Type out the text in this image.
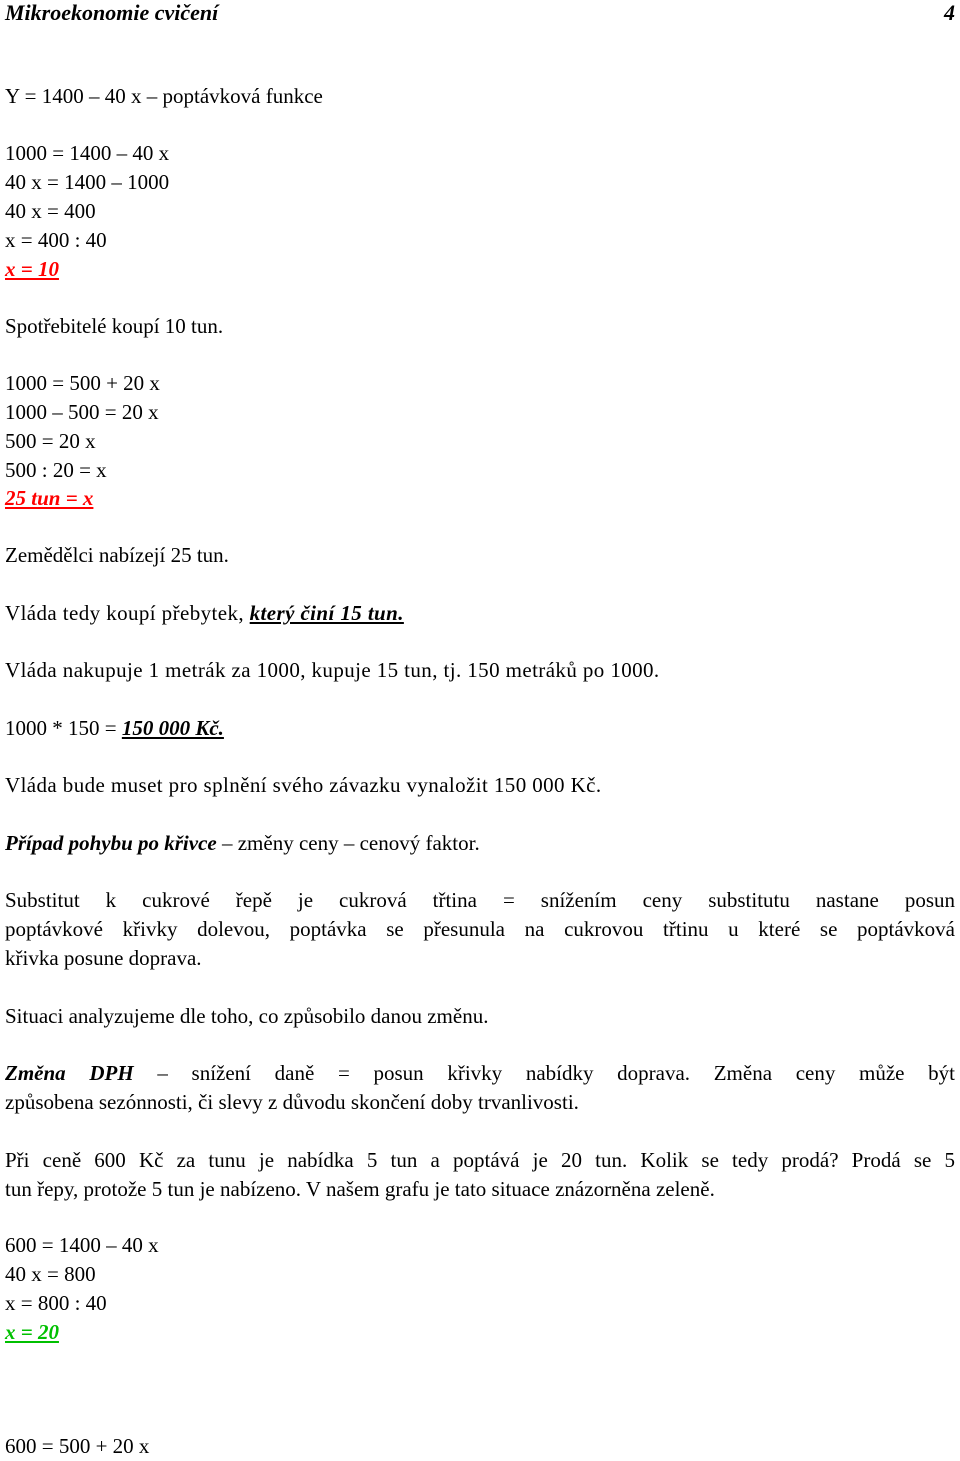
Mikroekonomie cvičení	4
Y = 1400 – 40 x – poptávková funkce
1000 = 1400 – 40 x
40 x = 1400 – 1000
40 x = 400
x = 400 : 40
x = 10
Spotřebitelé koupí 10 tun.
1000 = 500 + 20 x
1000 – 500 = 20 x
500 = 20 x
500 : 20 = x
25 tun = x
Zemědělci nabízejí 25 tun.
Vláda tedy koupí přebytek, který činí 15 tun.
Vláda nakupuje 1 metrák za 1000, kupuje 15 tun, tj. 150 metráků po 1000.
1000 * 150 = 150 000 Kč.
Vláda bude muset pro splnění svého závazku vynaložit 150 000 Kč.
Případ pohybu po křivce – změny ceny – cenový faktor.
Substitut k cukrové řepě je cukrová třtina = snížením ceny substitutu nastane posun
poptávkové křivky dolevou, poptávka se přesunula na cukrovou třtinu u které se poptávková
křivka posune doprava.
Situaci analyzujeme dle toho, co způsobilo danou změnu.
Změna DPH – snížení daně = posun křivky nabídky doprava. Změna ceny může být
způsobena sezónnosti, či slevy z důvodu skončení doby trvanlivosti.
Při ceně 600 Kč za tunu je nabídka 5 tun a poptává je 20 tun. Kolik se tedy prodá? Prodá se 5
tun řepy, protože 5 tun je nabízeno. V našem grafu je tato situace znázorněna zeleně.
600 = 1400 – 40 x
40 x = 800
x = 800 : 40
x = 20
600 = 500 + 20 x
